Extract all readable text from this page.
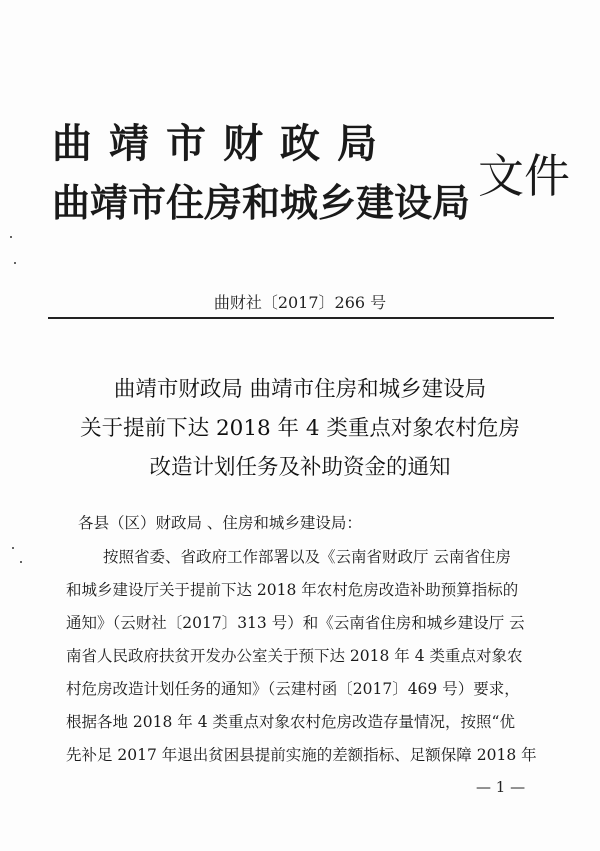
曲靖市财政局
曲靖市住房和城乡建设局 文件
曲财社〔2017〕266 号
曲靖市财政局 曲靖市住房和城乡建设局
关于提前下达 2018 年 4 类重点对象农村危房
改造计划任务及补助资金的通知
各县（区）财政局 、住房和城乡建设局：
按照省委、省政府工作部署以及《云南省财政厅 云南省住房
和城乡建设厅关于提前下达 2018 年农村危房改造补助预算指标的
通知》（云财社〔2017〕313 号）和《云南省住房和城乡建设厅 云
南省人民政府扶贫开发办公室关于预下达 2018 年 4 类重点对象农
村危房改造计划任务的通知》（云建村函〔2017〕469 号）要求，
根据各地 2018 年 4 类重点对象农村危房改造存量情况，按照“优
先补足 2017 年退出贫困县提前实施的差额指标、足额保障 2018 年
— 1 —
